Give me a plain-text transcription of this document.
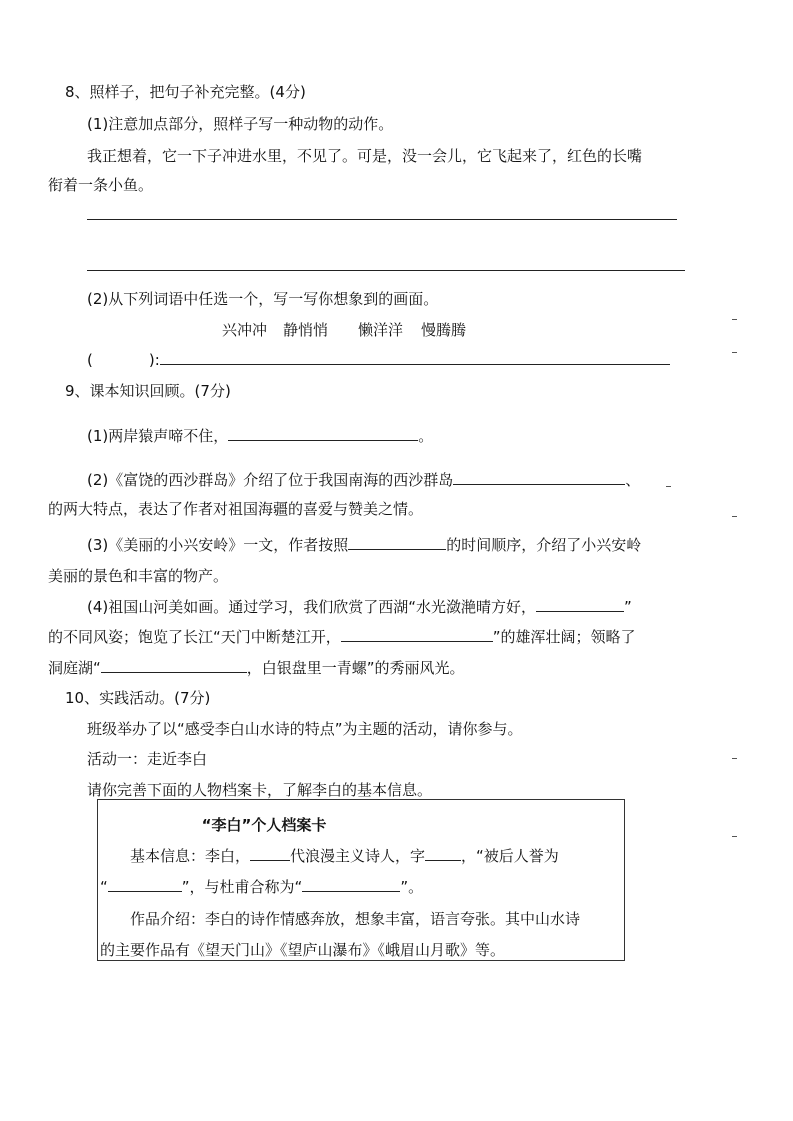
8、照样子，把句子补充完整。(4分)
(1)注意加点部分，照样子写一种动物的动作。
我正想着，它一下子冲进水里，不见了。可是，没一会儿，它飞起来了，红色的长嘴
衔着一条小鱼。
(2)从下列词语中任选一个，写一写你想象到的画面。
兴冲冲 静悄悄 懒洋洋 慢腾腾
(	):
9、课本知识回顾。(7分)
(1)两岸猿声啼不住，	。
(2)《富饶的西沙群岛》介绍了位于我国南海的西沙群岛	、
的两大特点，表达了作者对祖国海疆的喜爱与赞美之情。
(3)《美丽的小兴安岭》一文，作者按照	的时间顺序，介绍了小兴安岭
美丽的景色和丰富的物产。
(4)祖国山河美如画。通过学习，我们欣赏了西湖“水光潋滟晴方好，	”
的不同风姿；饱览了长江“天门中断楚江开，	”的雄浑壮阔；领略了
洞庭湖“	，白银盘里一青螺”的秀丽风光。
10、实践活动。(7分)
班级举办了以“感受李白山水诗的特点”为主题的活动，请你参与。
活动一：走近李白
请你完善下面的人物档案卡，了解李白的基本信息。
“李白”个人档案卡
基本信息：李白，	代浪漫主义诗人，字 ，“被后人誉为
“	”，与杜甫合称为“	”。
作品介绍：李白的诗作情感奔放，想象丰富，语言夸张。其中山水诗
的主要作品有《望天门山》《望庐山瀑布》《峨眉山月歌》等。
